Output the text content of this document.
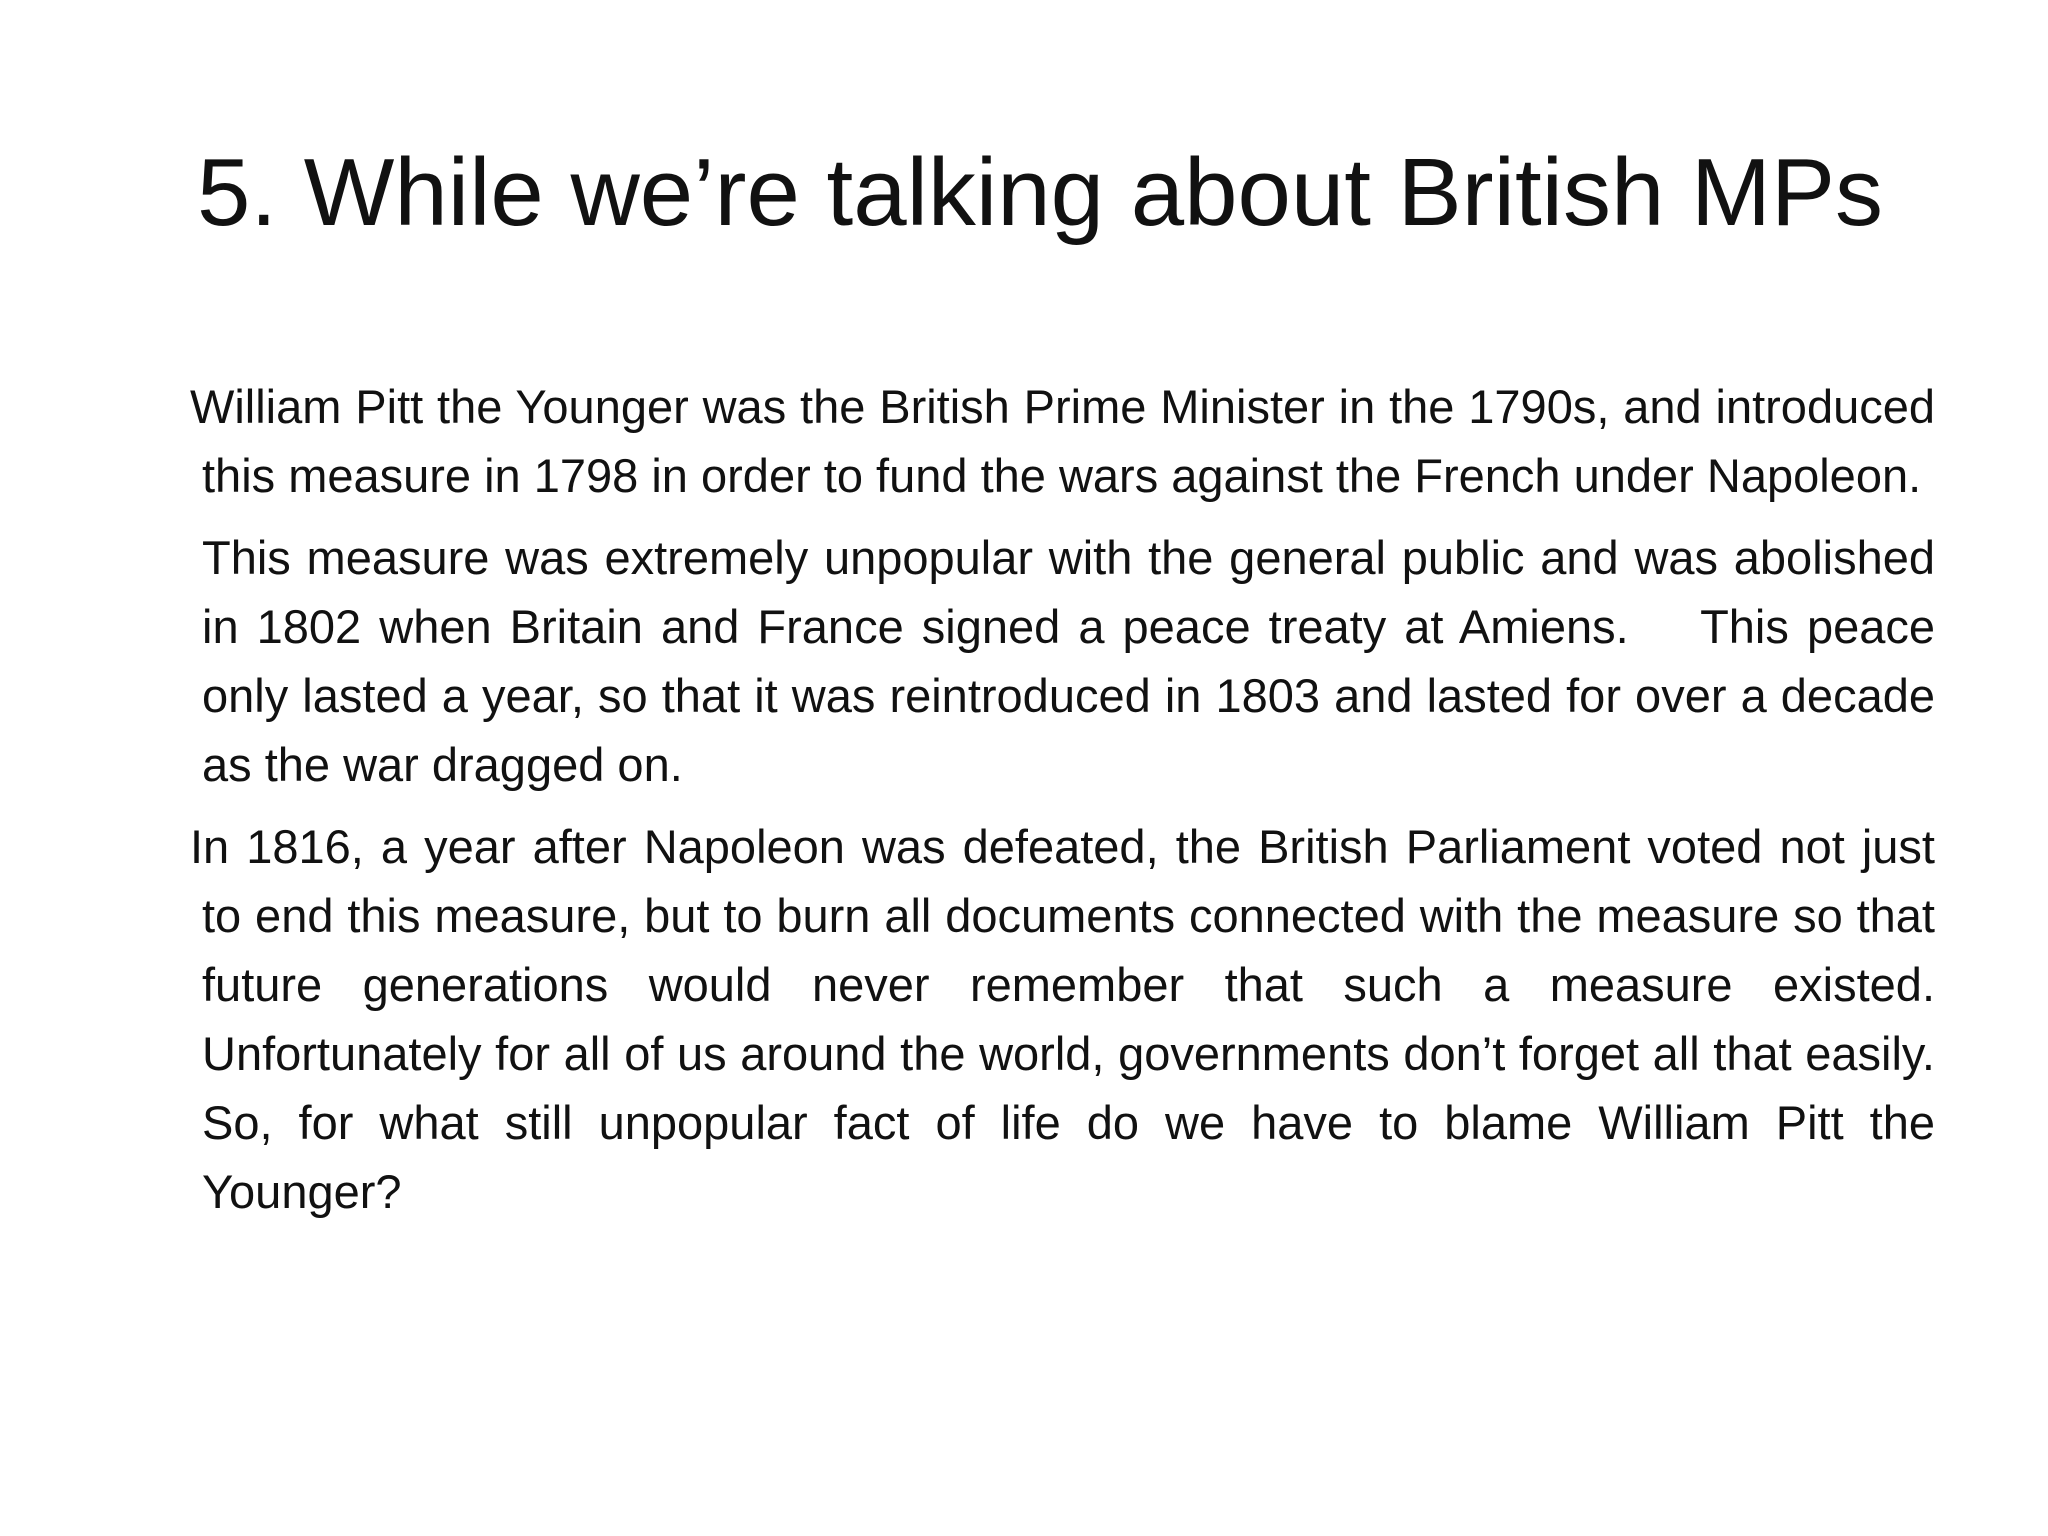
5. While we’re talking about British MPs

William Pitt the Younger was the British Prime Minister in the 1790s, and introduced this measure in 1798 in order to fund the wars against the French under Napoleon.

This measure was extremely unpopular with the general public and was abolished in 1802 when Britain and France signed a peace treaty at Amiens.    This peace only lasted a year, so that it was reintroduced in 1803 and lasted for over a decade as the war dragged on.

In 1816, a year after Napoleon was defeated, the British Parliament voted not just to end this measure, but to burn all documents connected with the measure so that future generations would never remember that such a measure existed. Unfortunately for all of us around the world, governments don’t forget all that easily.   So, for what still unpopular fact of life do we have to blame William Pitt the Younger?
